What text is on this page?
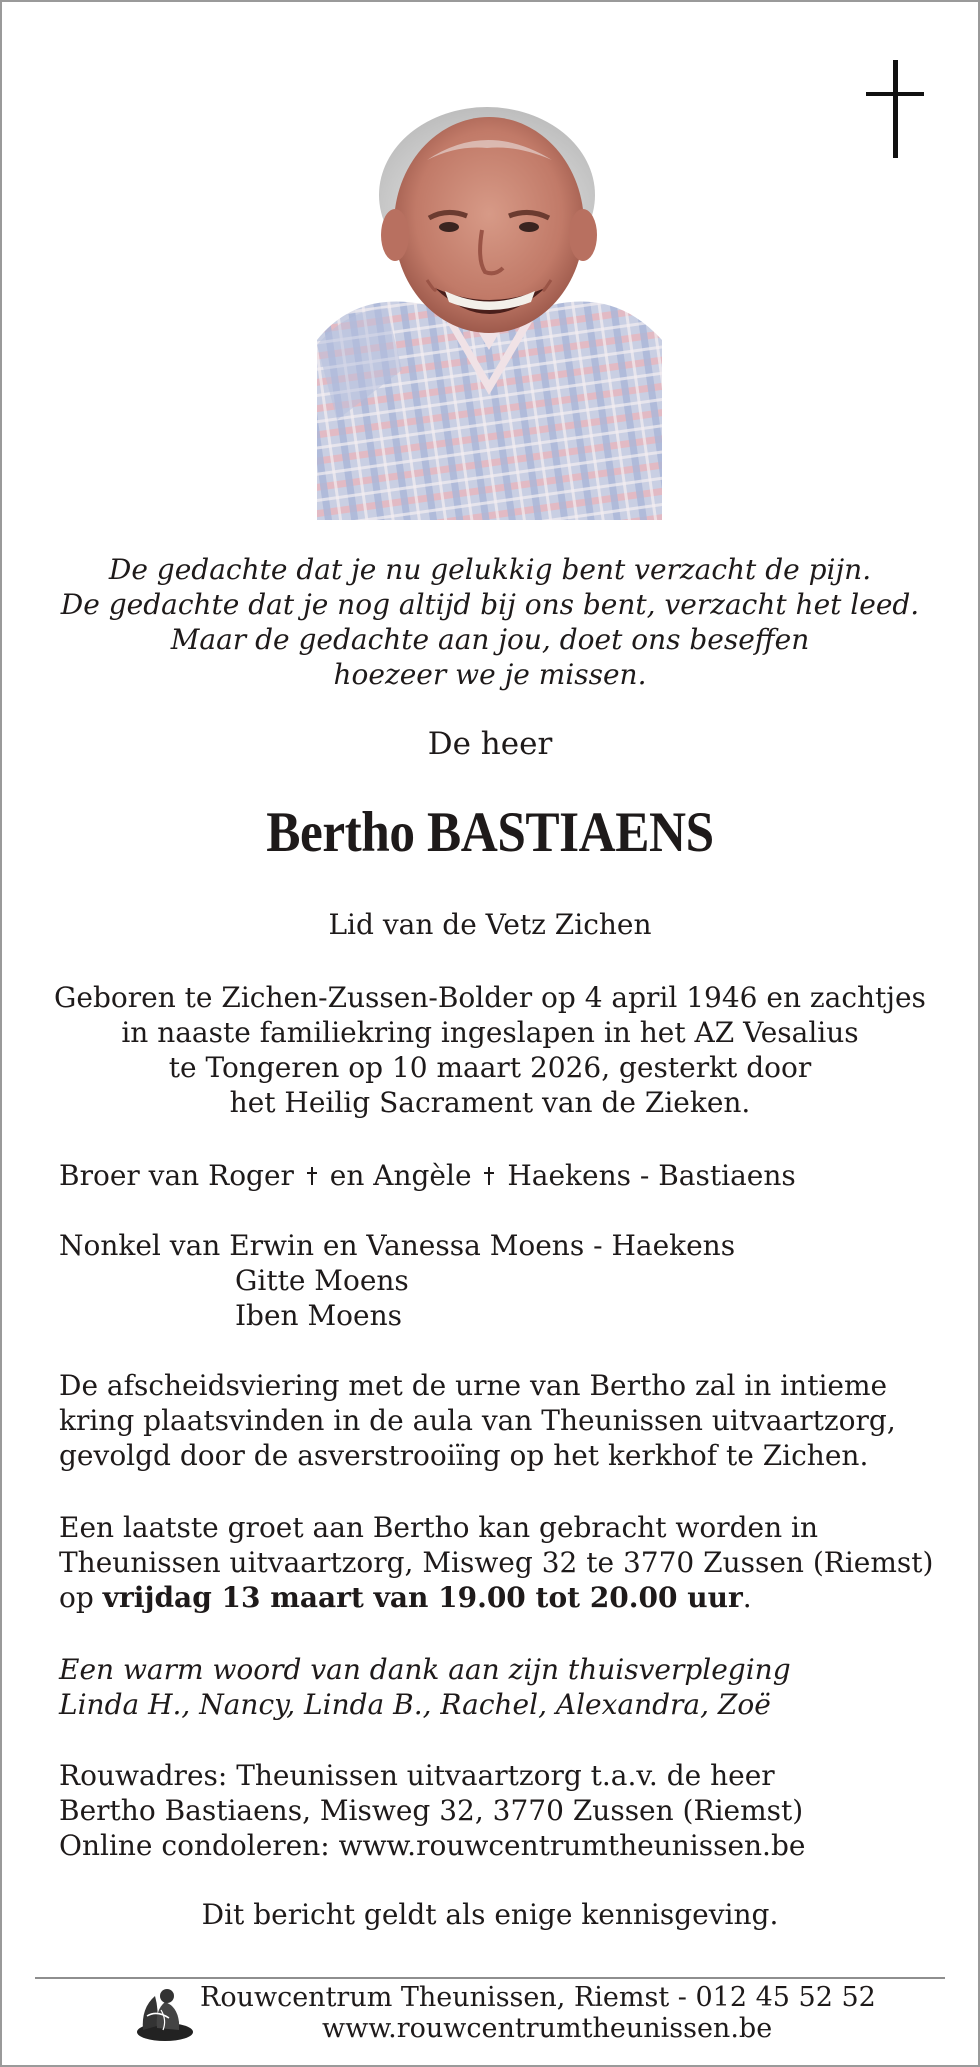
De gedachte dat je nu gelukkig bent verzacht de pijn.
De gedachte dat je nog altijd bij ons bent, verzacht het leed.
Maar de gedachte aan jou, doet ons beseffen
hoezeer we je missen.
De heer
Bertho BASTIAENS
Lid van de Vetz Zichen
Geboren te Zichen-Zussen-Bolder op 4 april 1946 en zachtjes
in naaste familiekring ingeslapen in het AZ Vesalius
te Tongeren op 10 maart 2026, gesterkt door
het Heilig Sacrament van de Zieken.
Broer van Roger en Angèle Haekens - Bastiaens
Nonkel van Erwin en Vanessa Moens - Haekens
Gitte Moens
Iben Moens
De afscheidsviering met de urne van Bertho zal in intieme
kring plaatsvinden in de aula van Theunissen uitvaartzorg,
gevolgd door de asverstrooiïng op het kerkhof te Zichen.
Een laatste groet aan Bertho kan gebracht worden in
Theunissen uitvaartzorg, Misweg 32 te 3770 Zussen (Riemst)
op vrijdag 13 maart van 19.00 tot 20.00 uur.
Een warm woord van dank aan zijn thuisverpleging
Linda H., Nancy, Linda B., Rachel, Alexandra, Zoë
Rouwadres: Theunissen uitvaartzorg t.a.v. de heer
Bertho Bastiaens, Misweg 32, 3770 Zussen (Riemst)
Online condoleren: www.rouwcentrumtheunissen.be
Dit bericht geldt als enige kennisgeving.
Rouwcentrum Theunissen, Riemst - 012 45 52 52
www.rouwcentrumtheunissen.be
